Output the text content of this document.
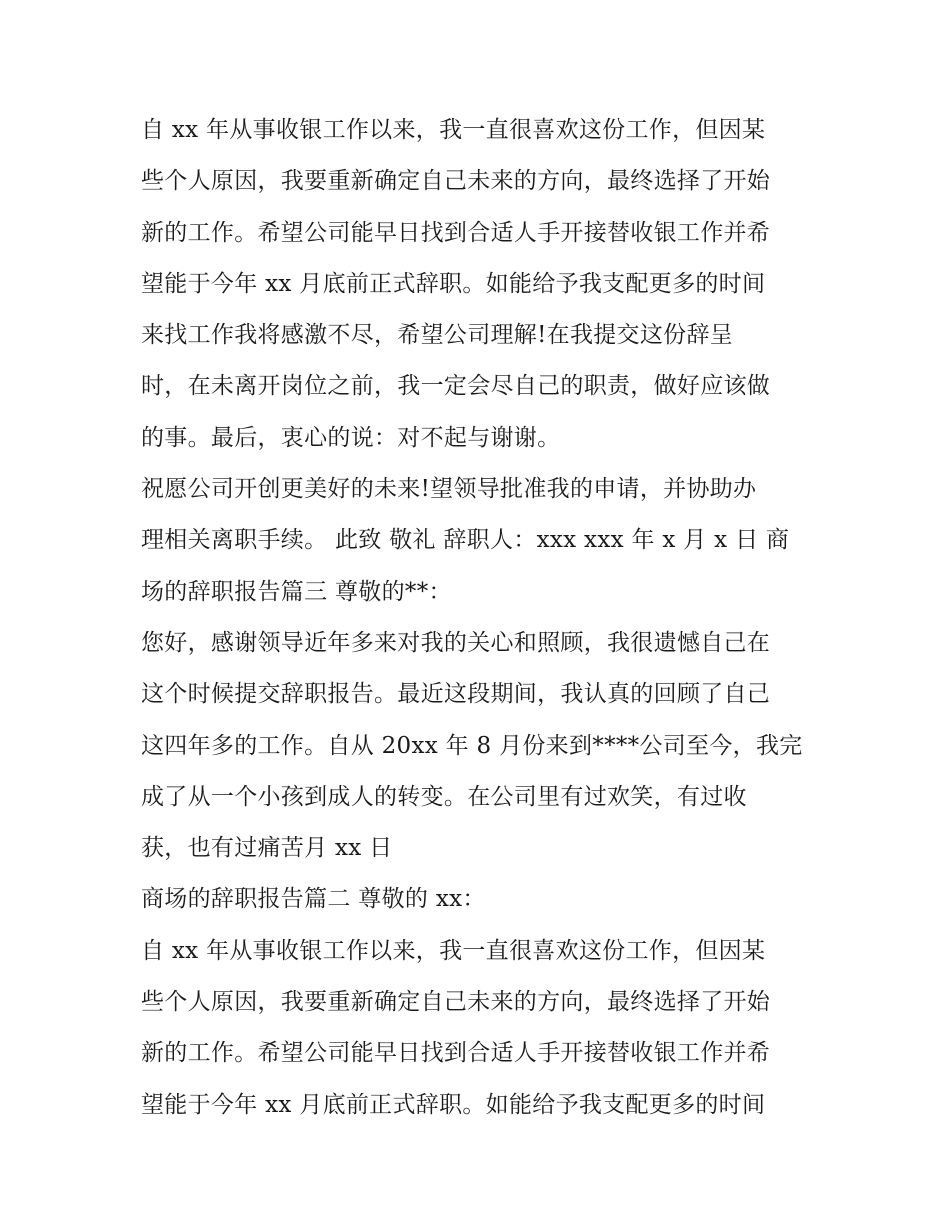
自 xx 年从事收银工作以来，我一直很喜欢这份工作，但因某
些个人原因，我要重新确定自己未来的方向，最终选择了开始
新的工作。希望公司能早日找到合适人手开接替收银工作并希
望能于今年 xx 月底前正式辞职。如能给予我支配更多的时间
来找工作我将感激不尽，希望公司理解!在我提交这份辞呈
时，在未离开岗位之前，我一定会尽自己的职责，做好应该做
的事。最后，衷心的说：对不起与谢谢。
祝愿公司开创更美好的未来!望领导批准我的申请，并协助办
理相关离职手续。 此致 敬礼 辞职人：xxx xxx 年 x 月 x 日 商
场的辞职报告篇三 尊敬的**：
您好，感谢领导近年多来对我的关心和照顾，我很遗憾自己在
这个时候提交辞职报告。最近这段期间，我认真的回顾了自己
这四年多的工作。自从 20xx 年 8 月份来到****公司至今，我完
成了从一个小孩到成人的转变。在公司里有过欢笑，有过收
获，也有过痛苦月 xx 日
商场的辞职报告篇二 尊敬的 xx：
自 xx 年从事收银工作以来，我一直很喜欢这份工作，但因某
些个人原因，我要重新确定自己未来的方向，最终选择了开始
新的工作。希望公司能早日找到合适人手开接替收银工作并希
望能于今年 xx 月底前正式辞职。如能给予我支配更多的时间
